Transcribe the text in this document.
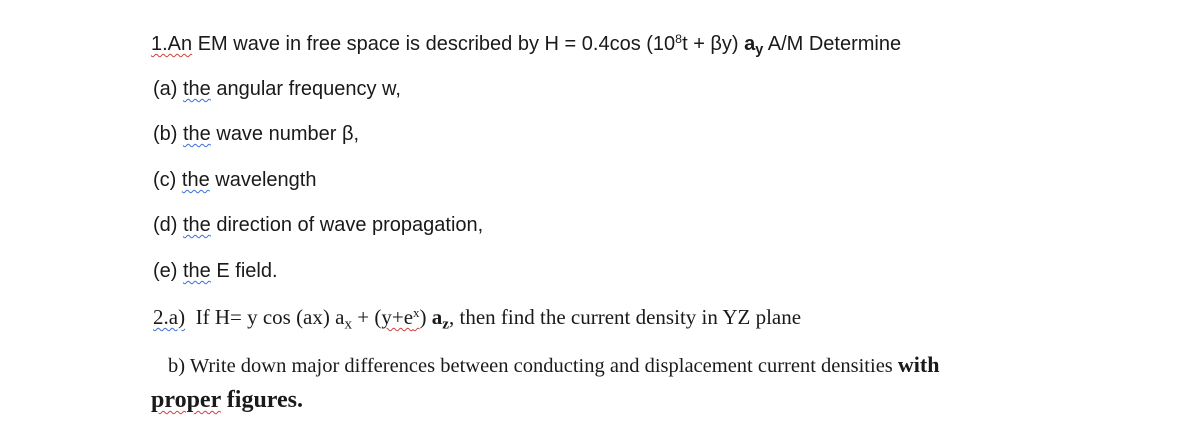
1.An EM wave in free space is described by H = 0.4cos $(10^8t + \beta y)$ $a_y$ A/M Determine
(a) the angular frequency w,
(b) the wave number β,
(c) the wavelength
(d) the direction of wave propagation,
(e) the E field.
2.a)  If H= y cos (ax) $a_x + (y+e^x)$ $a_z$, then find the current density in YZ plane
b) Write down major differences between conducting and displacement current densities with
proper figures.
